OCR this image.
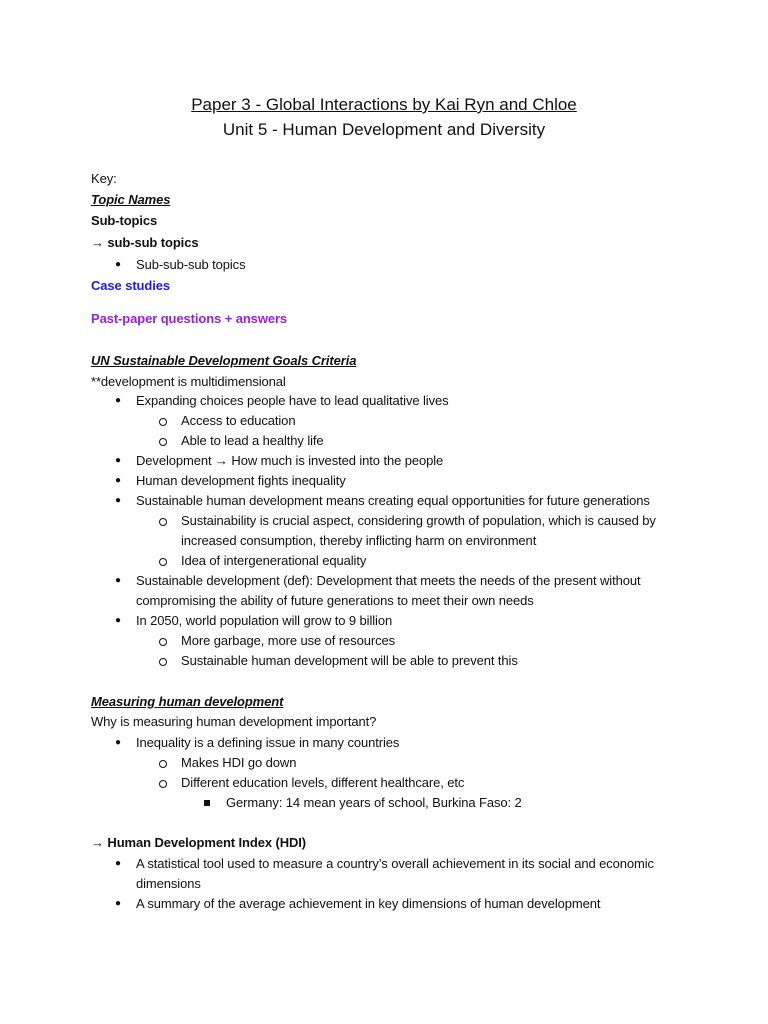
Paper 3 - Global Interactions by Kai Ryn and Chloe
Unit 5 - Human Development and Diversity
Key:
Topic Names
Sub-topics
→ sub-sub topics
● Sub-sub-sub topics
Case studies
Past-paper questions + answers
UN Sustainable Development Goals Criteria
**development is multidimensional
● Expanding choices people have to lead qualitative lives
Access to education
Able to lead a healthy life
● Development → How much is invested into the people
● Human development fights inequality
● Sustainable human development means creating equal opportunities for future generations
Sustainability is crucial aspect, considering growth of population, which is caused by
increased consumption, thereby inflicting harm on environment
Idea of intergenerational equality
● Sustainable development (def): Development that meets the needs of the present without
compromising the ability of future generations to meet their own needs
● In 2050, world population will grow to 9 billion
More garbage, more use of resources
Sustainable human development will be able to prevent this
Measuring human development
Why is measuring human development important?
● Inequality is a defining issue in many countries
Makes HDI go down
Different education levels, different healthcare, etc
Germany: 14 mean years of school, Burkina Faso: 2
→ Human Development Index (HDI)
● A statistical tool used to measure a country’s overall achievement in its social and economic
dimensions
● A summary of the average achievement in key dimensions of human development
